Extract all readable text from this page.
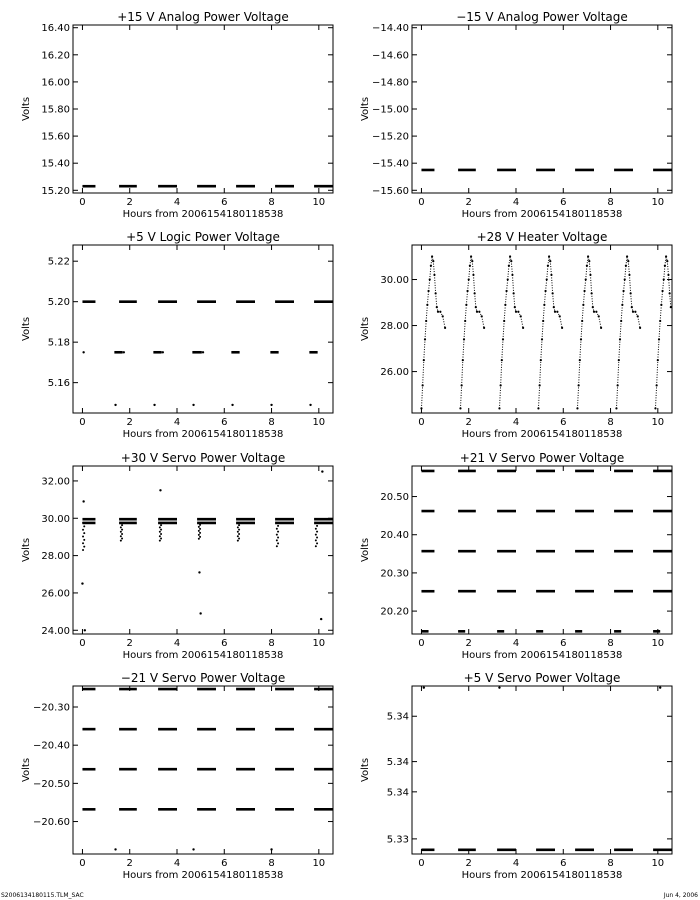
+15 V Analog Power Voltage
0	2	4	6	8	10
Hours from 2006154180118538
15.20
15.40
15.60
15.80
16.00
16.20
16.40
Volts
−15 V Analog Power Voltage
0	2	4	6	8	10
Hours from 2006154180118538
−14.40
−14.60
−14.80
−15.00
−15.20
−15.40
−15.60
Volts
+5 V Logic Power Voltage
0	2	4	6	8	10
Hours from 2006154180118538
5.16
5.18
5.20
5.22
Volts
+28 V Heater Voltage
0	2	4	6	8	10
Hours from 2006154180118538
26.00
28.00
30.00
Volts
+30 V Servo Power Voltage
0	2	4	6	8	10
Hours from 2006154180118538
24.00
26.00
28.00
30.00
32.00
Volts
+21 V Servo Power Voltage
0	2	4	6	8	10
Hours from 2006154180118538
20.20
20.30
20.40
20.50
Volts
−21 V Servo Power Voltage
0	2	4	6	8	10
Hours from 2006154180118538
−20.30
−20.40
−20.50
−20.60
Volts
+5 V Servo Power Voltage
0	2	4	6	8	10
Hours from 2006154180118538
5.33
5.34
5.34
5.34
Volts
S2006134180115.TLM_SAC	Jun 4, 2006
